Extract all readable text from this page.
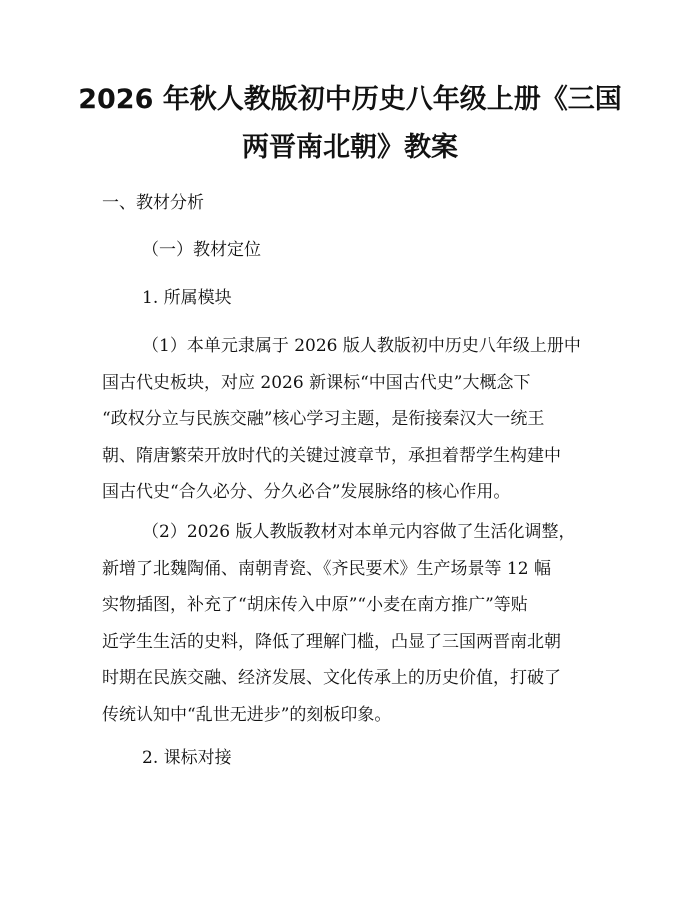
2026 年秋人教版初中历史八年级上册《三国
两晋南北朝》教案

一、教材分析

（一）教材定位

1. 所属模块

（1）本单元隶属于 2026 版人教版初中历史八年级上册中
国古代史板块，对应 2026 新课标“中国古代史”大概念下
“政权分立与民族交融”核心学习主题，是衔接秦汉大一统王
朝、隋唐繁荣开放时代的关键过渡章节，承担着帮学生构建中
国古代史“合久必分、分久必合”发展脉络的核心作用。
（2）2026 版人教版教材对本单元内容做了生活化调整，
新增了北魏陶俑、南朝青瓷、《齐民要术》生产场景等 12 幅
实物插图，补充了“胡床传入中原”“小麦在南方推广”等贴
近学生生活的史料，降低了理解门槛，凸显了三国两晋南北朝
时期在民族交融、经济发展、文化传承上的历史价值，打破了
传统认知中“乱世无进步”的刻板印象。

2. 课标对接
